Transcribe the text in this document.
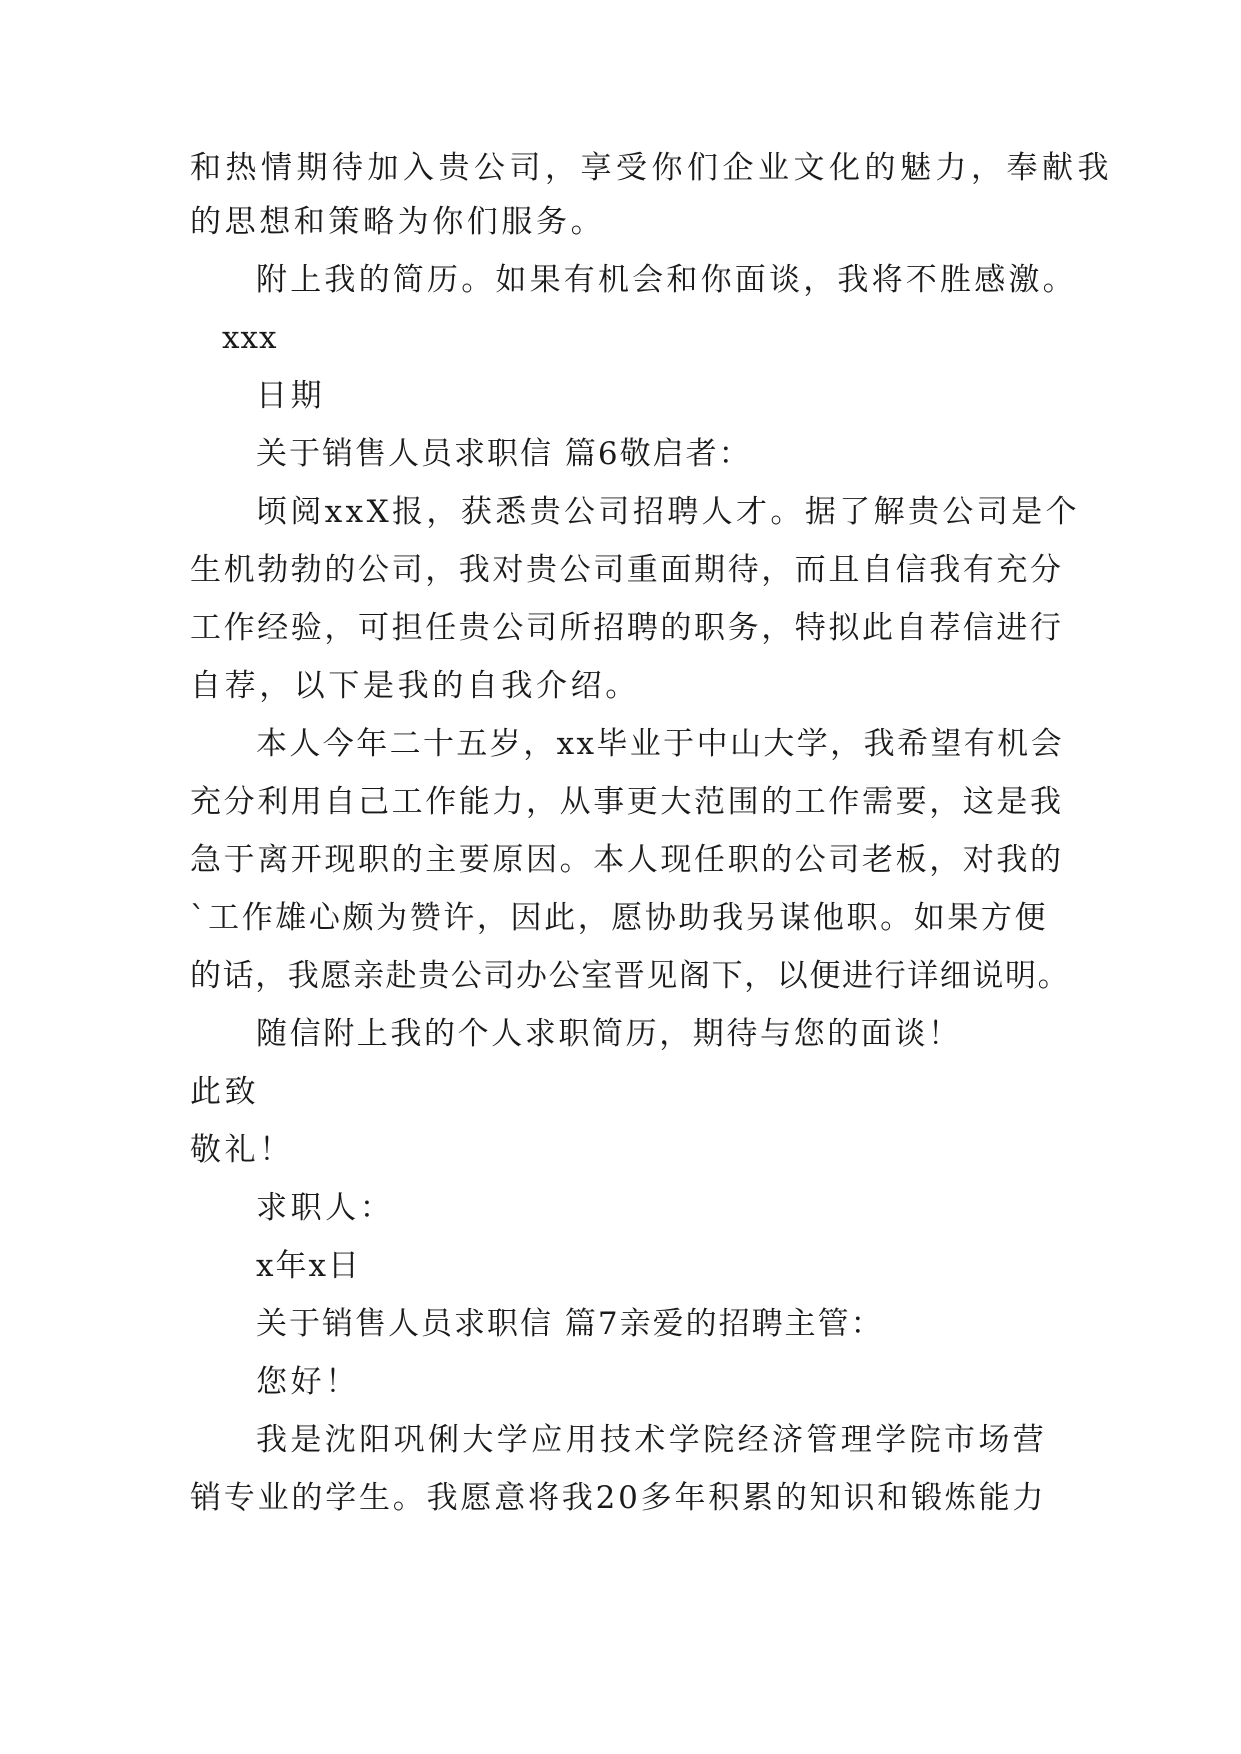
和热情期待加入贵公司，享受你们企业文化的魅力，奉献我
的思想和策略为你们服务。
附上我的简历。如果有机会和你面谈，我将不胜感激。
xxx
日期
关于销售人员求职信 篇6敬启者：
顷阅xxX报，获悉贵公司招聘人才。据了解贵公司是个
生机勃勃的公司，我对贵公司重面期待，而且自信我有充分
工作经验，可担任贵公司所招聘的职务，特拟此自荐信进行
自荐，以下是我的自我介绍。
本人今年二十五岁，xx毕业于中山大学，我希望有机会
充分利用自己工作能力，从事更大范围的工作需要，这是我
急于离开现职的主要原因。本人现任职的公司老板，对我的
`工作雄心颇为赞许，因此，愿协助我另谋他职。如果方便
的话，我愿亲赴贵公司办公室晋见阁下，以便进行详细说明。
随信附上我的个人求职简历，期待与您的面谈！
此致
敬礼！
求职人：
x年x日
关于销售人员求职信 篇7亲爱的招聘主管：
您好！
我是沈阳巩俐大学应用技术学院经济管理学院市场营
销专业的学生。我愿意将我20多年积累的知识和锻炼能力
